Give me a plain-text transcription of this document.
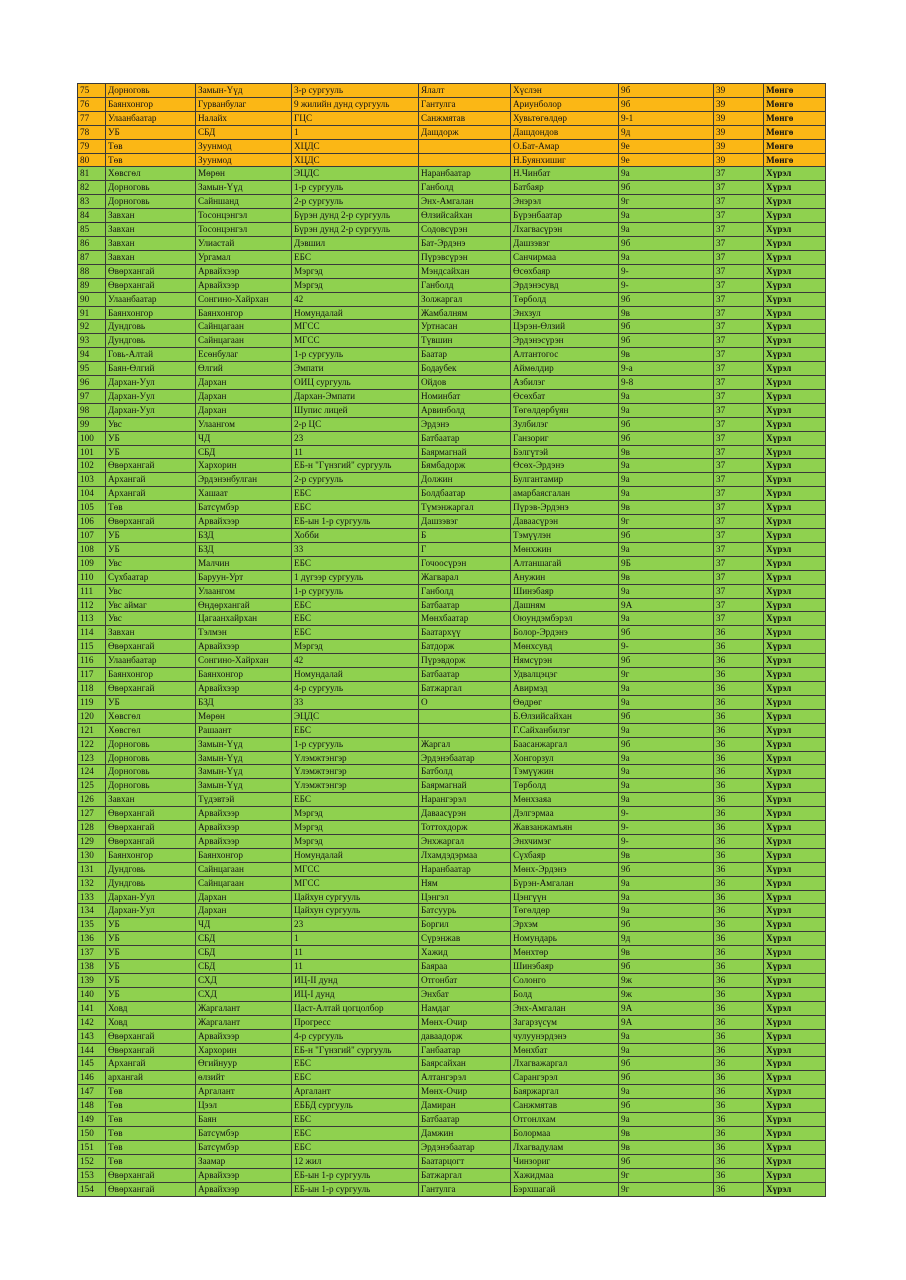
75	Дорноговь	Замын-Үүд	3-р сургууль	Ялалт	Хүслэн	9б	39	Мөнгө
76	Баянхонгор	Гурванбулаг	9 жилийн дунд сургууль	Гантулга	Ариунболор	9б	39	Мөнгө
77	Улаанбаатар	Налайх	ГЦС	Санжмятав	Хувьтөгөлдөр	9-1	39	Мөнгө
78	УБ	СБД	1	Дашдорж	Дашдондов	9д	39	Мөнгө
79	Төв	Зуунмод	ХЦДС		О.Бат-Амар	9е	39	Мөнгө
80	Төв	Зуунмод	ХЦДС		Н.Буянхишиг	9е	39	Мөнгө
81	Хөвсгөл	Мөрөн	ЭЦДС	Наранбаатар	Н.Чинбат	9а	37	Хүрэл
82	Дорноговь	Замын-Үүд	1-р сургууль	Ганболд	Батбаяр	9б	37	Хүрэл
83	Дорноговь	Сайншанд	2-р сургууль	Энх-Амгалан	Энэрэл	9г	37	Хүрэл
84	Завхан	Тосонцэнгэл	Бүрэн дунд 2-р сургууль	Өлзийсайхан	Бүрэнбаатар	9а	37	Хүрэл
85	Завхан	Тосонцэнгэл	Бүрэн дунд 2-р сургууль	Содовсүрэн	Лхагвасүрэн	9а	37	Хүрэл
86	Завхан	Улиастай	Дэвшил	Бат-Эрдэнэ	Дашзэвэг	9б	37	Хүрэл
87	Завхан	Ургамал	ЕБС	Пүрэвсүрэн	Санчирмаа	9а	37	Хүрэл
88	Өвөрхангай	Арвайхээр	Мэргэд	Мэндсайхан	Өсөхбаяр	9-	37	Хүрэл
89	Өвөрхангай	Арвайхээр	Мэргэд	Ганболд	Эрдэнэсувд	9-	37	Хүрэл
90	Улаанбаатар	Сонгино-Хайрхан	42	Золжаргал	Төрболд	9б	37	Хүрэл
91	Баянхонгор	Баянхонгор	Номундалай	Жамбалням	Энхзул	9в	37	Хүрэл
92	Дундговь	Сайнцагаан	МГСС	Уртнасан	Цэрэн-Өлзий	9б	37	Хүрэл
93	Дундговь	Сайнцагаан	МГСС	Түвшин	Эрдэнэсүрэн	9б	37	Хүрэл
94	Говь-Алтай	Есөнбулаг	1-р сургууль	Баатар	Алтантогос	9в	37	Хүрэл
95	Баян-Өлгий	Өлгий	Эмпати	Бодаубек	Аймөлдир	9-а	37	Хүрэл
96	Дархан-Уул	Дархан	ОИЦ сургууль	Ойдов	Азбилэг	9-8	37	Хүрэл
97	Дархан-Уул	Дархан	Дархан-Эмпати	Номинбат	Өсөхбат	9а	37	Хүрэл
98	Дархан-Уул	Дархан	Шупис лицей	Арвинболд	Төгөлдөрбүян	9а	37	Хүрэл
99	Увс	Улаангом	2-р ЦС	Эрдэнэ	Зулбилэг	9б	37	Хүрэл
100	УБ	ЧД	23	Батбаатар	Ганзориг	9б	37	Хүрэл
101	УБ	СБД	11	Баярмагнай	Бэлгүтэй	9в	37	Хүрэл
102	Өвөрхангай	Хархорин	ЕБ-н "Гүнзгий" сургууль	Бямбадорж	Өсөх-Эрдэнэ	9а	37	Хүрэл
103	Архангай	Эрдэнэнбулган	2-р сургууль	Должин	Булгантамир	9а	37	Хүрэл
104	Архангай	Хашаат	ЕБС	Болдбаатар	амарбаясгалан	9а	37	Хүрэл
105	Төв	Батсүмбэр	ЕБС	Түмэнжаргал	Пүрэв-Эрдэнэ	9в	37	Хүрэл
106	Өвөрхангай	Арвайхээр	ЕБ-ын 1-р сургууль	Дашзэвэг	Даваасүрэн	9г	37	Хүрэл
107	УБ	БЗД	Хобби	Б	Тэмүүлэн	9б	37	Хүрэл
108	УБ	БЗД	33	Г	Мөнхжин	9а	37	Хүрэл
109	Увс	Малчин	ЕБС	Гочоосүрэн	Алтаншагай	9Б	37	Хүрэл
110	Сүхбаатар	Баруун-Урт	1 дүгээр сургууль	Жагварал	Анужин	9в	37	Хүрэл
111	Увс	Улаангом	1-р сургууль	Ганболд	Шинэбаяр	9а	37	Хүрэл
112	Увс аймаг	Өндөрхангай	ЕБС	Батбаатар	Дашням	9А	37	Хүрэл
113	Увс	Цагаанхайрхан	ЕБС	Мөнхбаатар	Оюундэмбэрэл	9а	37	Хүрэл
114	Завхан	Тэлмэн	ЕБС	Баатархүү	Болор-Эрдэнэ	9б	36	Хүрэл
115	Өвөрхангай	Арвайхээр	Мэргэд	Батдорж	Мөнхсувд	9-	36	Хүрэл
116	Улаанбаатар	Сонгино-Хайрхан	42	Пүрэвдорж	Нямсүрэн	9б	36	Хүрэл
117	Баянхонгор	Баянхонгор	Номундалай	Батбаатар	Удвалцэцэг	9г	36	Хүрэл
118	Өвөрхангай	Арвайхээр	4-р сургууль	Батжаргал	Авирмэд	9а	36	Хүрэл
119	УБ	БЗД	33	О	Өөдрөг	9а	36	Хүрэл
120	Хөвсгөл	Мөрөн	ЭЦДС		Б.Өлзийсайхан	9б	36	Хүрэл
121	Хөвсгөл	Рашаант	ЕБС		Г.Сайханбилэг	9а	36	Хүрэл
122	Дорноговь	Замын-Үүд	1-р сургууль	Жаргал	Баасанжаргал	9б	36	Хүрэл
123	Дорноговь	Замын-Үүд	Үлэмжтэнгэр	Эрдэнэбаатар	Хонгорзул	9а	36	Хүрэл
124	Дорноговь	Замын-Үүд	Үлэмжтэнгэр	Батболд	Тэмүүжин	9а	36	Хүрэл
125	Дорноговь	Замын-Үүд	Үлэмжтэнгэр	Баярмагнай	Төрболд	9а	36	Хүрэл
126	Завхан	Түдэвтэй	ЕБС	Нарангэрэл	Мөнхзаяа	9а	36	Хүрэл
127	Өвөрхангай	Арвайхээр	Мэргэд	Даваасүрэн	Дэлгэрмаа	9-	36	Хүрэл
128	Өвөрхангай	Арвайхээр	Мэргэд	Тоттохдорж	Жавзанжамъян	9-	36	Хүрэл
129	Өвөрхангай	Арвайхээр	Мэргэд	Энхжаргал	Энхчимэг	9-	36	Хүрэл
130	Баянхонгор	Баянхонгор	Номундалай	Лхамдэдэрмаа	Сүхбаяр	9в	36	Хүрэл
131	Дундговь	Сайнцагаан	МГСС	Наранбаатар	Мөнх-Эрдэнэ	9б	36	Хүрэл
132	Дундговь	Сайнцагаан	МГСС	Ням	Бүрэн-Амгалан	9а	36	Хүрэл
133	Дархан-Уул	Дархан	Цайхун сургууль	Цэнгэл	Цэнгүүн	9а	36	Хүрэл
134	Дархан-Уул	Дархан	Цайхун сургууль	Батсуурь	Төгөлдөр	9а	36	Хүрэл
135	УБ	ЧД	23	Боргил	Эрхэм	9б	36	Хүрэл
136	УБ	СБД	1	Сүрэнжав	Номундарь	9д	36	Хүрэл
137	УБ	СБД	11	Хажид	Мөнхтөр	9в	36	Хүрэл
138	УБ	СБД	11	Баяраа	Шинэбаяр	9б	36	Хүрэл
139	УБ	СХД	ИЦ-II дунд	Отгонбат	Солонго	9ж	36	Хүрэл
140	УБ	СХД	ИЦ-I дунд	Энхбат	Болд	9ж	36	Хүрэл
141	Ховд	Жаргалант	Цаст-Алтай цогцолбор	Намдаг	Энх-Амгалан	9А	36	Хүрэл
142	Ховд	Жаргалант	Прогресс	Мөнх-Очир	Загарзүсүм	9А	36	Хүрэл
143	Өвөрхангай	Арвайхээр	4-р сургууль	даваадорж	чулуунэрдэнэ	9а	36	Хүрэл
144	Өвөрхангай	Хархорин	ЕБ-н "Гүнзгий" сургууль	Ганбаатар	Мөнхбат	9а	36	Хүрэл
145	Архангай	Өгийнуур	ЕБС	Баярсайхан	Лхагважаргал	9б	36	Хүрэл
146	архангай	өлзийт	ЕБС	Алтангэрэл	Сарангэрэл	9б	36	Хүрэл
147	Төв	Аргалант	Аргалант	Мөнх-Очир	Баяржаргал	9а	36	Хүрэл
148	Төв	Цээл	ЕББД сургууль	Дамиран	Санжмятав	9б	36	Хүрэл
149	Төв	Баян	ЕБС	Батбаатар	Отгонлхам	9а	36	Хүрэл
150	Төв	Батсүмбэр	ЕБС	Дамжин	Болормаа	9в	36	Хүрэл
151	Төв	Батсүмбэр	ЕБС	Эрдэнэбаатар	Лхагвадулам	9в	36	Хүрэл
152	Төв	Заамар	12 жил	Баатарцогт	Чинзориг	9б	36	Хүрэл
153	Өвөрхангай	Арвайхээр	ЕБ-ын 1-р сургууль	Батжаргал	Хажидмаа	9г	36	Хүрэл
154	Өвөрхангай	Арвайхээр	ЕБ-ын 1-р сургууль	Гантулга	Бэрхшагай	9г	36	Хүрэл
